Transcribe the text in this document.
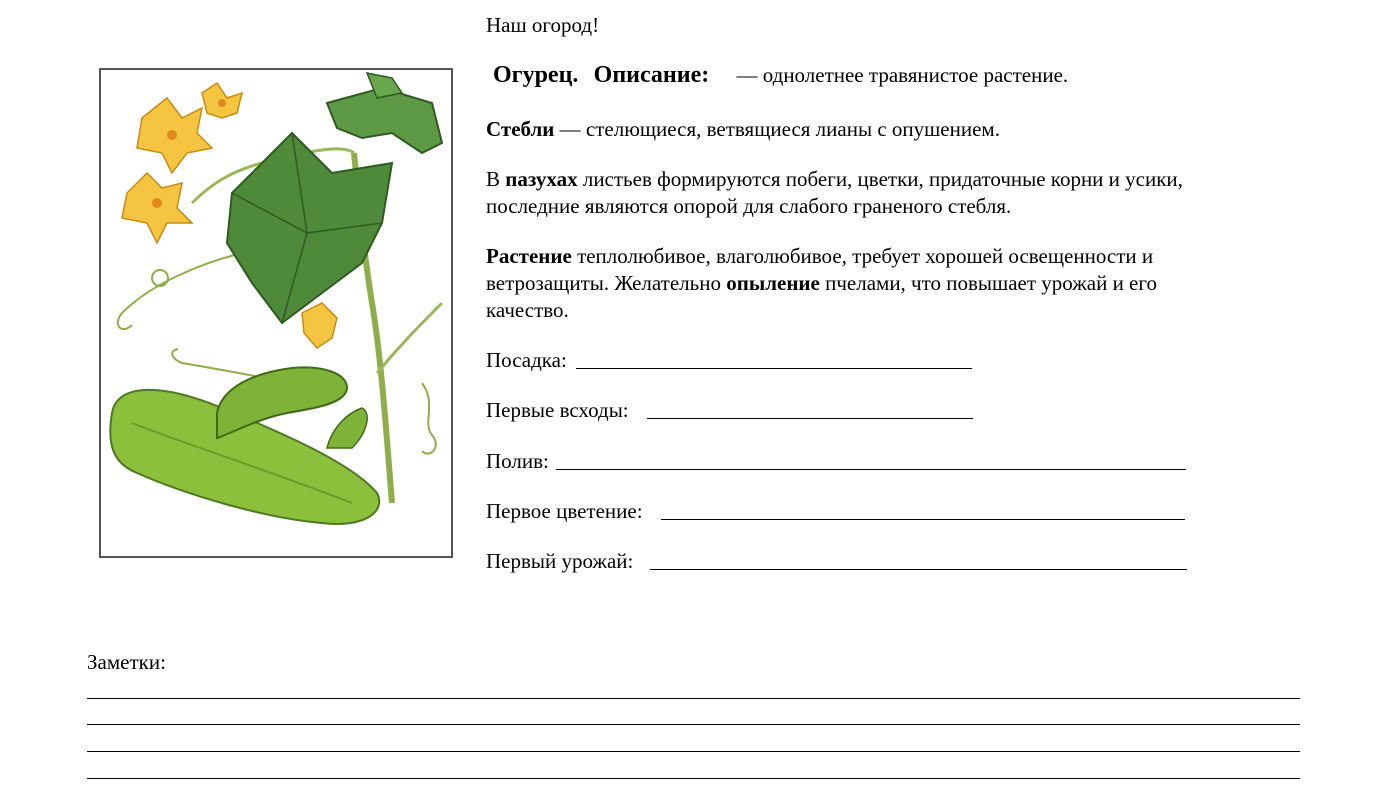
Наш огород!
Огурец. Описание: — однолетнее травянистое растение.
Стебли — стелющиеся, ветвящиеся лианы с опушением.
В пазухах листьев формируются побеги, цветки, придаточные корни и усики,
последние являются опорой для слабого граненого стебля.
Растение теплолюбивое, влаголюбивое, требует хорошей освещенности и
ветрозащиты. Желательно опыление пчелами, что повышает урожай и его
качество.
Посадка:
Первые всходы:
Полив:
Первое цветение:
Первый урожай:
Заметки:
